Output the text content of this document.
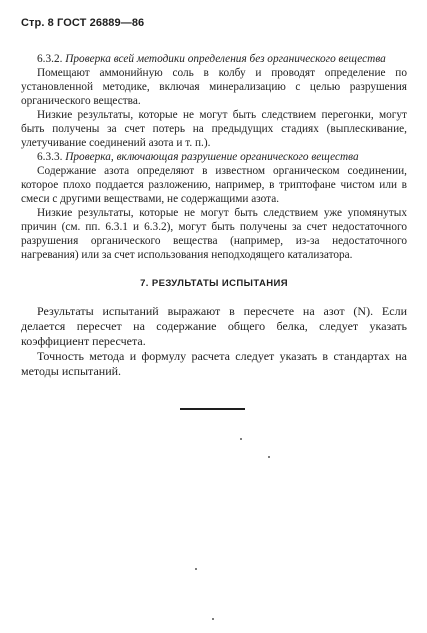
Стр. 8 ГОСТ 26889—86

6.3.2. Проверка всей методики определения без органического вещества

Помещают аммонийную соль в колбу и проводят определение по установленной методике, включая минерализацию с целью разрушения органического вещества.

Низкие результаты, которые не могут быть следствием перегонки, могут быть получены за счет потерь на предыдущих стадиях (выплескивание, улетучивание соединений азота и т. п.).

6.3.3. Проверка, включающая разрушение органического вещества

Содержание азота определяют в известном органическом соединении, которое плохо поддается разложению, например, в триптофане чистом или в смеси с другими веществами, не содержащими азота.

Низкие результаты, которые не могут быть следствием уже упомянутых причин (см. пп. 6.3.1 и 6.3.2), могут быть получены за счет недостаточного разрушения органического вещества (например, из-за недостаточного нагревания) или за счет использования неподходящего катализатора.

7. РЕЗУЛЬТАТЫ ИСПЫТАНИЯ

Результаты испытаний выражают в пересчете на азот (N). Если делается пересчет на содержание общего белка, следует указать коэффициент пересчета.

Точность метода и формулу расчета следует указать в стандартах на методы испытаний.
